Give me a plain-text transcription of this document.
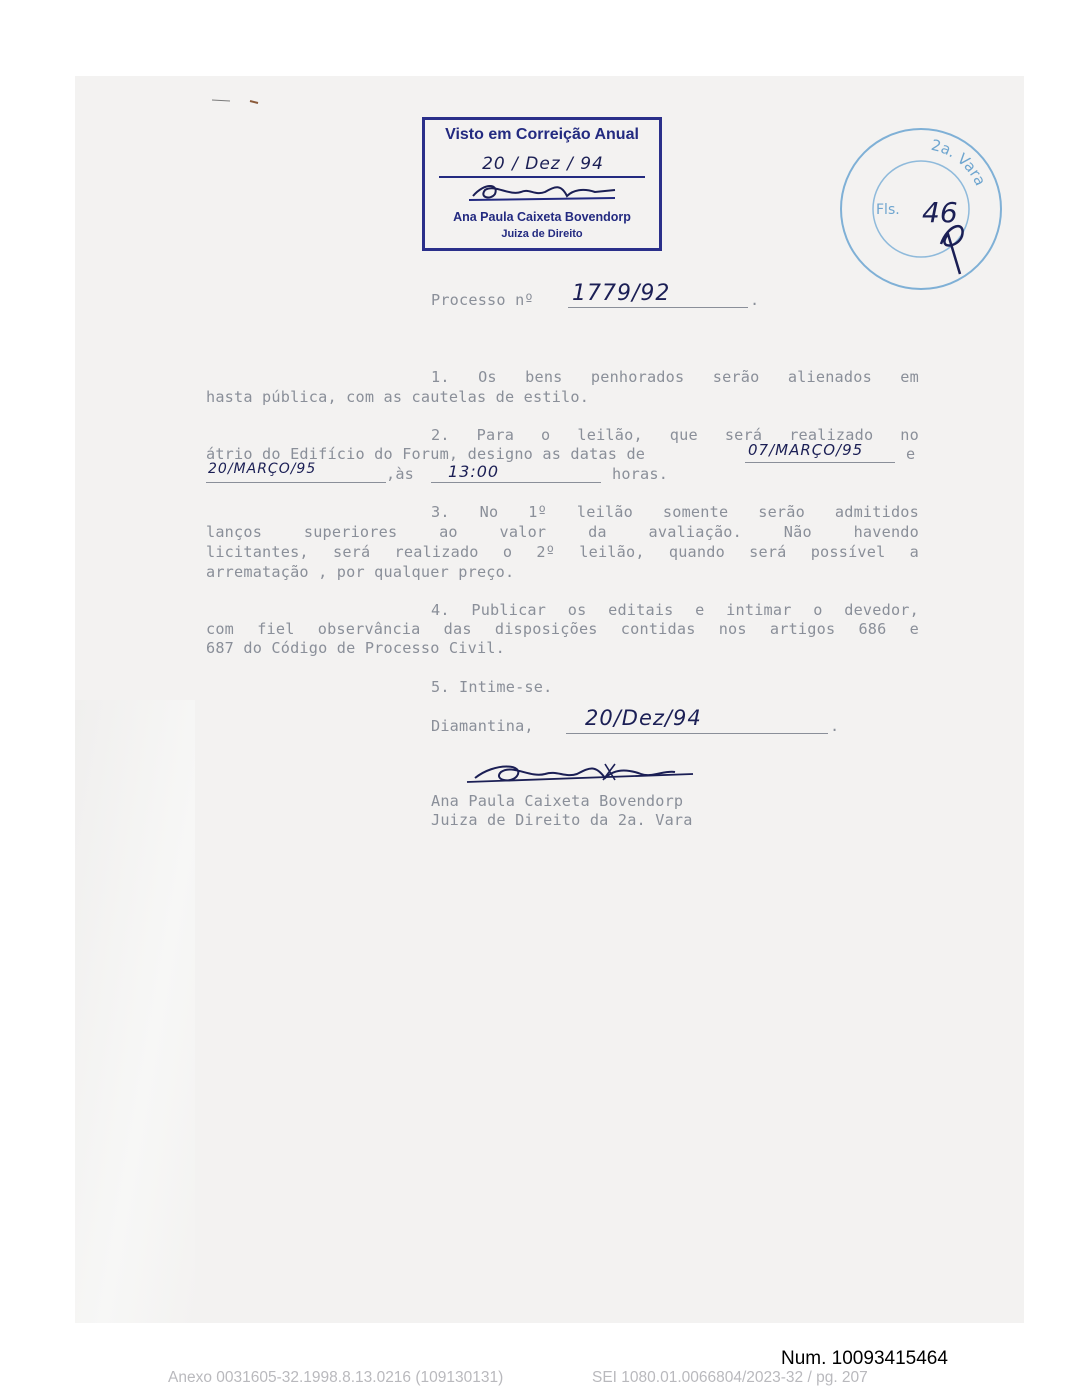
Visto em Correição Anual
20 / Dez / 94
Ana Paula Caixeta Bovendorp
Juiza de Direito
2a. Vara
Fls. 46
Processo nº 1779/92	.
1. Os bens penhorados serão alienados em
hasta pública, com as cautelas de estilo.
2. Para o leilão, que será realizado no
átrio do Edifício do Forum, designo as datas de	07/MARÇO/95	e
20/MARÇO/95	,às 13:00	horas.
3. No 1º leilão somente serão admitidos
lanços superiores ao valor da avaliação. Não havendo
licitantes, será realizado o 2º leilão, quando será possível a
arrematação , por qualquer preço.
4. Publicar os editais e intimar o devedor,
com fiel observância das disposições contidas nos artigos 686 e
687 do Código de Processo Civil.
5. Intime-se.
Diamantina, 20/Dez/94	.
Ana Paula Caixeta Bovendorp
Juiza de Direito da 2a. Vara
Num. 10093415464
Anexo 0031605-32.1998.8.13.0216 (109130131)	SEI 1080.01.0066804/2023-32 / pg. 207
